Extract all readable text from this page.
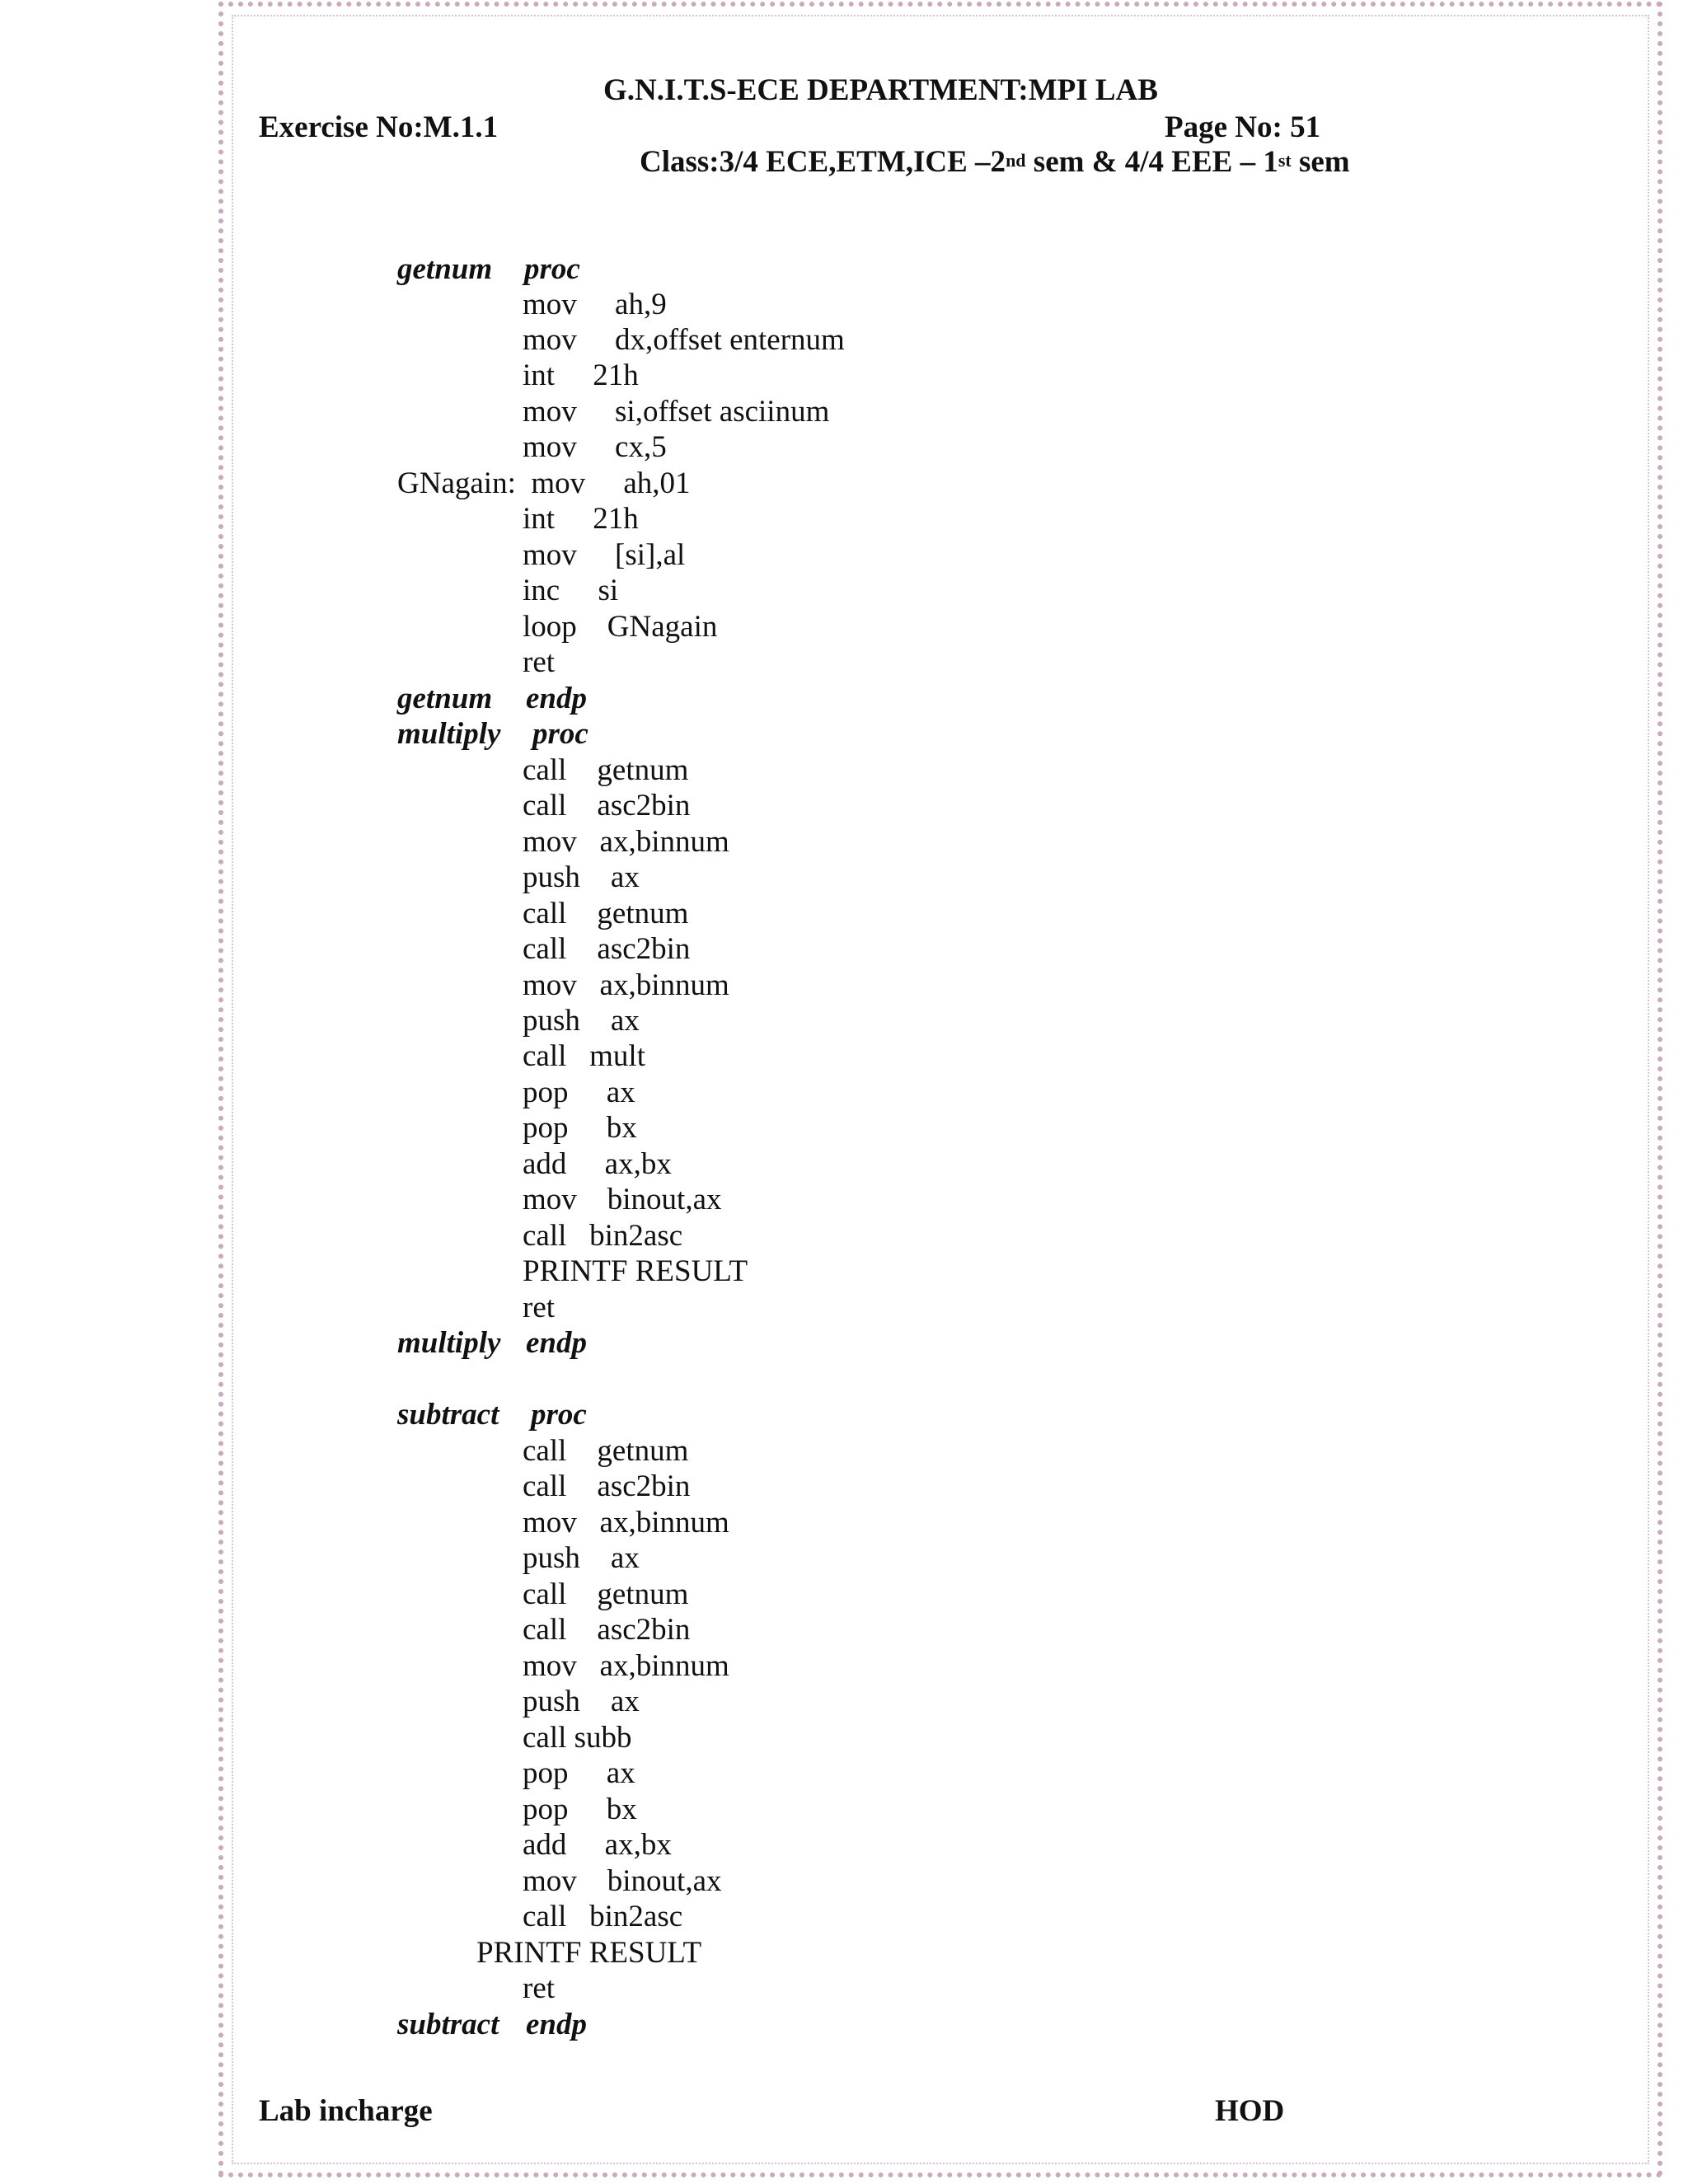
G.N.I.T.S-ECE DEPARTMENT:MPI LAB
Exercise No:M.1.1	Page No: 51
Class:3/4 ECE,ETM,ICE –2nd sem & 4/4 EEE – 1st sem
getnum proc
mov     ah,9
mov     dx,offset enternum
int     21h
mov     si,offset asciinum
mov     cx,5
GNagain:  mov     ah,01
int     21h
mov     [si],al
inc     si
loop    GNagain
ret
getnum endp
multiply proc
call    getnum
call    asc2bin
mov   ax,binnum
push    ax
call    getnum
call    asc2bin
mov   ax,binnum
push    ax
call   mult
pop     ax
pop     bx
add     ax,bx
mov    binout,ax
call   bin2asc
PRINTF RESULT
ret
multiply endp
subtract proc
call    getnum
call    asc2bin
mov   ax,binnum
push    ax
call    getnum
call    asc2bin
mov   ax,binnum
push    ax
call subb
pop     ax
pop     bx
add     ax,bx
mov    binout,ax
call   bin2asc
PRINTF RESULT
ret
subtract endp
Lab incharge	HOD
